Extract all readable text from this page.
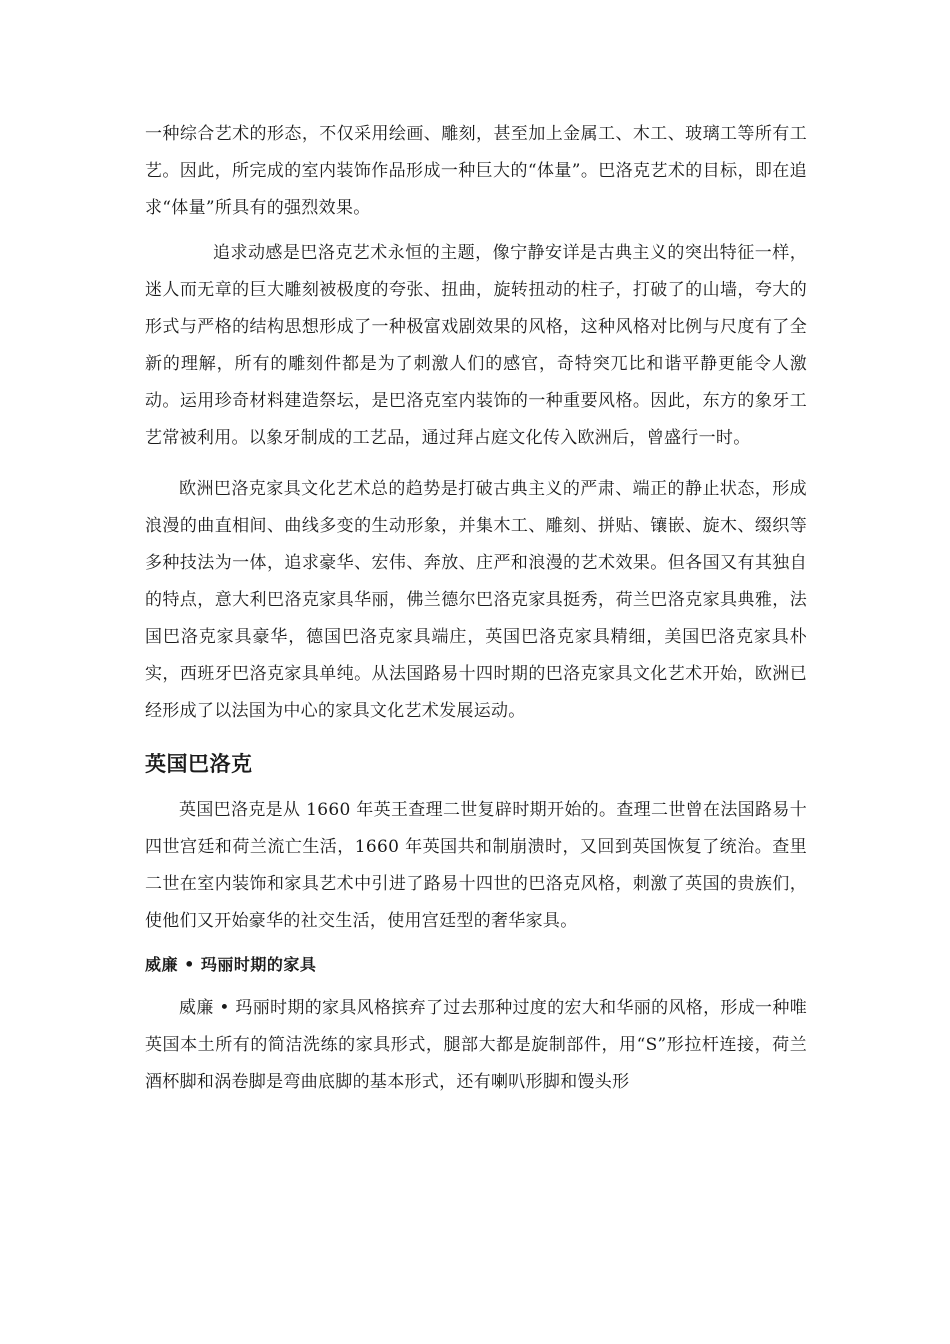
一种综合艺术的形态，不仅采用绘画、雕刻，甚至加上金属工、木工、玻璃工等所有工艺。因此，所完成的室内装饰作品形成一种巨大的“体量”。巴洛克艺术的目标，即在追求“体量”所具有的强烈效果。

追求动感是巴洛克艺术永恒的主题，像宁静安详是古典主义的突出特征一样，迷人而无章的巨大雕刻被极度的夸张、扭曲，旋转扭动的柱子，打破了的山墙，夸大的形式与严格的结构思想形成了一种极富戏剧效果的风格，这种风格对比例与尺度有了全新的理解，所有的雕刻件都是为了刺激人们的感官，奇特突兀比和谐平静更能令人激动。运用珍奇材料建造祭坛，是巴洛克室内装饰的一种重要风格。因此，东方的象牙工艺常被利用。以象牙制成的工艺品，通过拜占庭文化传入欧洲后，曾盛行一时。

欧洲巴洛克家具文化艺术总的趋势是打破古典主义的严肃、端正的静止状态，形成浪漫的曲直相间、曲线多变的生动形象，并集木工、雕刻、拼贴、镶嵌、旋木、缀织等多种技法为一体，追求豪华、宏伟、奔放、庄严和浪漫的艺术效果。但各国又有其独自的特点，意大利巴洛克家具华丽，佛兰德尔巴洛克家具挺秀，荷兰巴洛克家具典雅，法国巴洛克家具豪华，德国巴洛克家具端庄，英国巴洛克家具精细，美国巴洛克家具朴实，西班牙巴洛克家具单纯。从法国路易十四时期的巴洛克家具文化艺术开始，欧洲已经形成了以法国为中心的家具文化艺术发展运动。

英国巴洛克

英国巴洛克是从 1660 年英王查理二世复辟时期开始的。查理二世曾在法国路易十四世宫廷和荷兰流亡生活，1660 年英国共和制崩溃时，又回到英国恢复了统治。查里二世在室内装饰和家具艺术中引进了路易十四世的巴洛克风格，刺激了英国的贵族们，使他们又开始豪华的社交生活，使用宫廷型的奢华家具。

威廉 • 玛丽时期的家具

威廉 • 玛丽时期的家具风格摈弃了过去那种过度的宏大和华丽的风格，形成一种唯英国本土所有的简洁洗练的家具形式，腿部大都是旋制部件，用“S”形拉杆连接，荷兰酒杯脚和涡卷脚是弯曲底脚的基本形式，还有喇叭形脚和馒头形
